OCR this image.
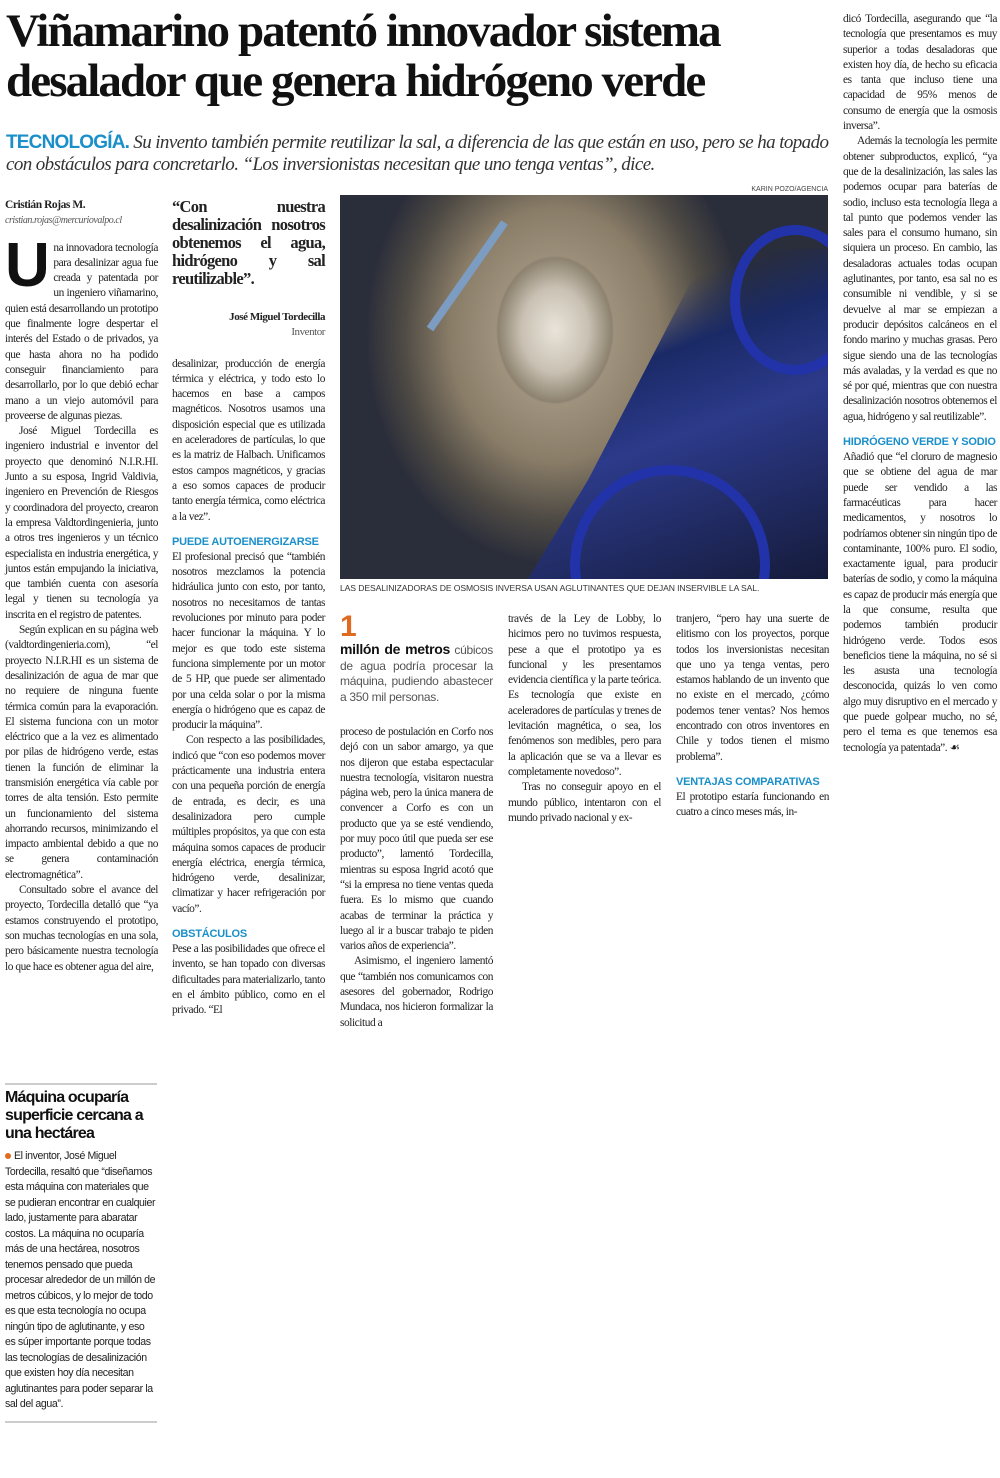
Viñamarino patentó innovador sistema desalador que genera hidrógeno verde
TECNOLOGÍA. Su invento también permite reutilizar la sal, a diferencia de las que están en uso, pero se ha topado con obstáculos para concretarlo. “Los inversionistas necesitan que uno tenga ventas”, dice.
Cristián Rojas M.
cristian.rojas@mercuriovalpo.cl

Una innovadora tecnología para desalinizar agua fue creada y patentada por un ingeniero viñamarino, quien está desarrollando un prototipo que finalmente logre despertar el interés del Estado o de privados, ya que hasta ahora no ha podido conseguir financiamiento para desarrollarlo, por lo que debió echar mano a un viejo automóvil para proveerse de algunas piezas.

José Miguel Tordecilla es ingeniero industrial e inventor del proyecto que denominó N.I.R.HI. Junto a su esposa, Ingrid Valdivia, ingeniero en Prevención de Riesgos y coordinadora del proyecto, crearon la empresa Valdtordingenieria, junto a otros tres ingenieros y un técnico especialista en industria energética, y juntos están empujando la iniciativa, que también cuenta con asesoría legal y tienen su tecnología ya inscrita en el registro de patentes.

Según explican en su página web (valdtordingenieria.com), “el proyecto N.I.R.HI es un sistema de desalinización de agua de mar que no requiere de ninguna fuente térmica común para la evaporación. El sistema funciona con un motor eléctrico que a la vez es alimentado por pilas de hidrógeno verde, estas tienen la función de eliminar la transmisión energética vía cable por torres de alta tensión. Esto permite un funcionamiento del sistema ahorrando recursos, minimizando el impacto ambiental debido a que no se genera contaminación electromagnética”.

Consultado sobre el avance del proyecto, Tordecilla detalló que “ya estamos construyendo el prototipo, son muchas tecnologías en una sola, pero básicamente nuestra tecnología lo que hace es obtener agua del aire,

Máquina ocuparía superficie cercana a una hectárea
El inventor, José Miguel Tordecilla, resaltó que “diseñamos esta máquina con materiales que se pudieran encontrar en cualquier lado, justamente para abaratar costos. La máquina no ocuparía más de una hectárea, nosotros tenemos pensado que pueda procesar alrededor de un millón de metros cúbicos, y lo mejor de todo es que esta tecnología no ocupa ningún tipo de aglutinante, y eso es súper importante porque todas las tecnologías de desalinización que existen hoy día necesitan aglutinantes para poder separar la sal del agua”.
“Con nuestra desalinización nosotros obtenemos el agua, hidrógeno y sal reutilizable”.
José Miguel Tordecilla
Inventor

desalinizar, producción de energía térmica y eléctrica, y todo esto lo hacemos en base a campos magnéticos. Nosotros usamos una disposición especial que es utilizada en aceleradores de partículas, lo que es la matriz de Halbach. Unificamos estos campos magnéticos, y gracias a eso somos capaces de producir tanto energía térmica, como eléctrica a la vez”.

PUEDE AUTOENERGIZARSE

El profesional precisó que “también nosotros mezclamos la potencia hidráulica junto con esto, por tanto, nosotros no necesitamos de tantas revoluciones por minuto para poder hacer funcionar la máquina. Y lo mejor es que todo este sistema funciona simplemente por un motor de 5 HP, que puede ser alimentado por una celda solar o por la misma energía o hidrógeno que es capaz de producir la máquina”.

Con respecto a las posibilidades, indicó que “con eso podemos mover prácticamente una industria entera con una pequeña porción de energía de entrada, es decir, es una desalinizadora pero cumple múltiples propósitos, ya que con esta máquina somos capaces de producir energía eléctrica, energía térmica, hidrógeno verde, desalinizar, climatizar y hacer refrigeración por vacío”.

OBSTÁCULOS

Pese a las posibilidades que ofrece el invento, se han topado con diversas dificultades para materializarlo, tanto en el ámbito público, como en el privado. “El

KARIN POZO/AGENCIA
LAS DESALINIZADORAS DE OSMOSIS INVERSA USAN AGLUTINANTES QUE DEJAN INSERVIBLE LA SAL.
1
millón de metros cúbicos de agua podría procesar la máquina, pudiendo abastecer a 350 mil personas.

proceso de postulación en Corfo nos dejó con un sabor amargo, ya que nos dijeron que estaba espectacular nuestra tecnología, visitaron nuestra página web, pero la única manera de convencer a Corfo es con un producto que ya se esté vendiendo, por muy poco útil que pueda ser ese producto”, lamentó Tordecilla, mientras su esposa Ingrid acotó que “si la empresa no tiene ventas queda fuera. Es lo mismo que cuando acabas de terminar la práctica y luego al ir a buscar trabajo te piden varios años de experiencia”.

Asimismo, el ingeniero lamentó que “también nos comunicamos con asesores del gobernador, Rodrigo Mundaca, nos hicieron formalizar la solicitud a

través de la Ley de Lobby, lo hicimos pero no tuvimos respuesta, pese a que el prototipo ya es funcional y les presentamos evidencia científica y la parte teórica. Es tecnología que existe en aceleradores de partículas y trenes de levitación magnética, o sea, los fenómenos son medibles, pero para la aplicación que se va a llevar es completamente novedoso”.

Tras no conseguir apoyo en el mundo público, intentaron con el mundo privado nacional y ex-

tranjero, “pero hay una suerte de elitismo con los proyectos, porque todos los inversionistas necesitan que uno ya tenga ventas, pero estamos hablando de un invento que no existe en el mercado, ¿cómo podemos tener ventas? Nos hemos encontrado con otros inventores en Chile y todos tienen el mismo problema”.

VENTAJAS COMPARATIVAS

El prototipo estaría funcionando en cuatro a cinco meses más, in-

dicó Tordecilla, asegurando que “la tecnología que presentamos es muy superior a todas desaladoras que existen hoy día, de hecho su eficacia es tanta que incluso tiene una capacidad de 95% menos de consumo de energía que la osmosis inversa”.

Además la tecnología les permite obtener subproductos, explicó, “ya que de la desalinización, las sales las podemos ocupar para baterías de sodio, incluso esta tecnología llega a tal punto que podemos vender las sales para el consumo humano, sin siquiera un proceso. En cambio, las desaladoras actuales todas ocupan aglutinantes, por tanto, esa sal no es consumible ni vendible, y si se devuelve al mar se empiezan a producir depósitos calcáneos en el fondo marino y muchas grasas. Pero sigue siendo una de las tecnologías más avaladas, y la verdad es que no sé por qué, mientras que con nuestra desalinización nosotros obtenemos el agua, hidrógeno y sal reutilizable”.

HIDRÓGENO VERDE Y SODIO

Añadió que “el cloruro de magnesio que se obtiene del agua de mar puede ser vendido a las farmacéuticas para hacer medicamentos, y nosotros lo podríamos obtener sin ningún tipo de contaminante, 100% puro. El sodio, exactamente igual, para producir baterías de sodio, y como la máquina es capaz de producir más energía que la que consume, resulta que podemos también producir hidrógeno verde. Todos esos beneficios tiene la máquina, no sé si les asusta una tecnología desconocida, quizás lo ven como algo muy disruptivo en el mercado y que puede golpear mucho, no sé, pero el tema es que tenemos esa tecnología ya patentada”. ☙
